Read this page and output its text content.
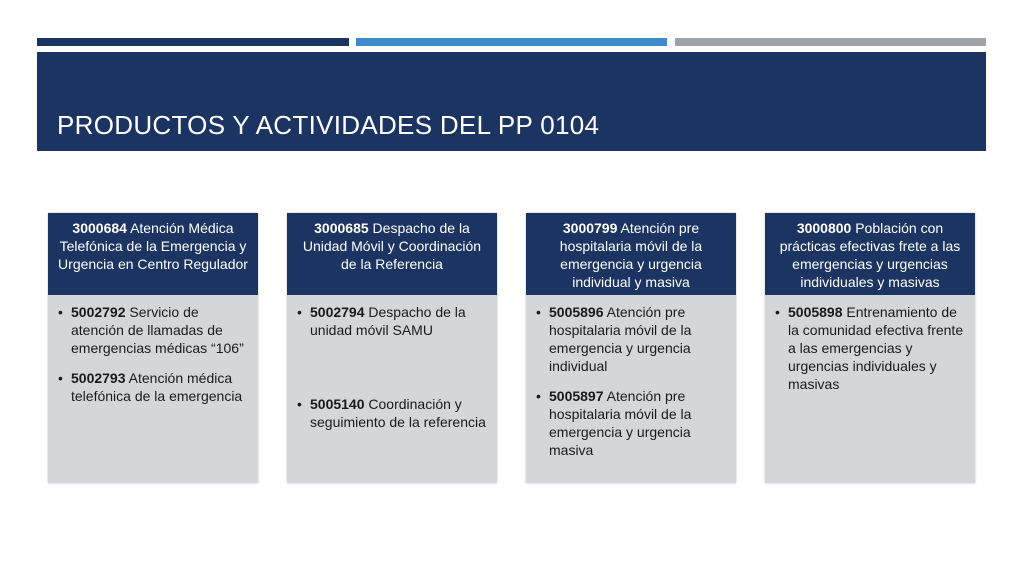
PRODUCTOS Y ACTIVIDADES DEL PP 0104
3000684 Atención Médica Telefónica de la Emergencia y Urgencia en Centro Regulador
• 5002792 Servicio de atención de llamadas de emergencias médicas “106”
• 5002793 Atención médica telefónica de la emergencia
3000685 Despacho de la Unidad Móvil y Coordinación de la Referencia
• 5002794 Despacho de la unidad móvil SAMU
• 5005140 Coordinación y seguimiento de la referencia
3000799 Atención pre hospitalaria móvil de la emergencia y urgencia individual y masiva
• 5005896 Atención pre hospitalaria móvil de la emergencia y urgencia individual
• 5005897 Atención pre hospitalaria móvil de la emergencia y urgencia masiva
3000800 Población con prácticas efectivas frete a las emergencias y urgencias individuales y masivas
• 5005898 Entrenamiento de la comunidad efectiva frente a las emergencias y urgencias individuales y masivas
